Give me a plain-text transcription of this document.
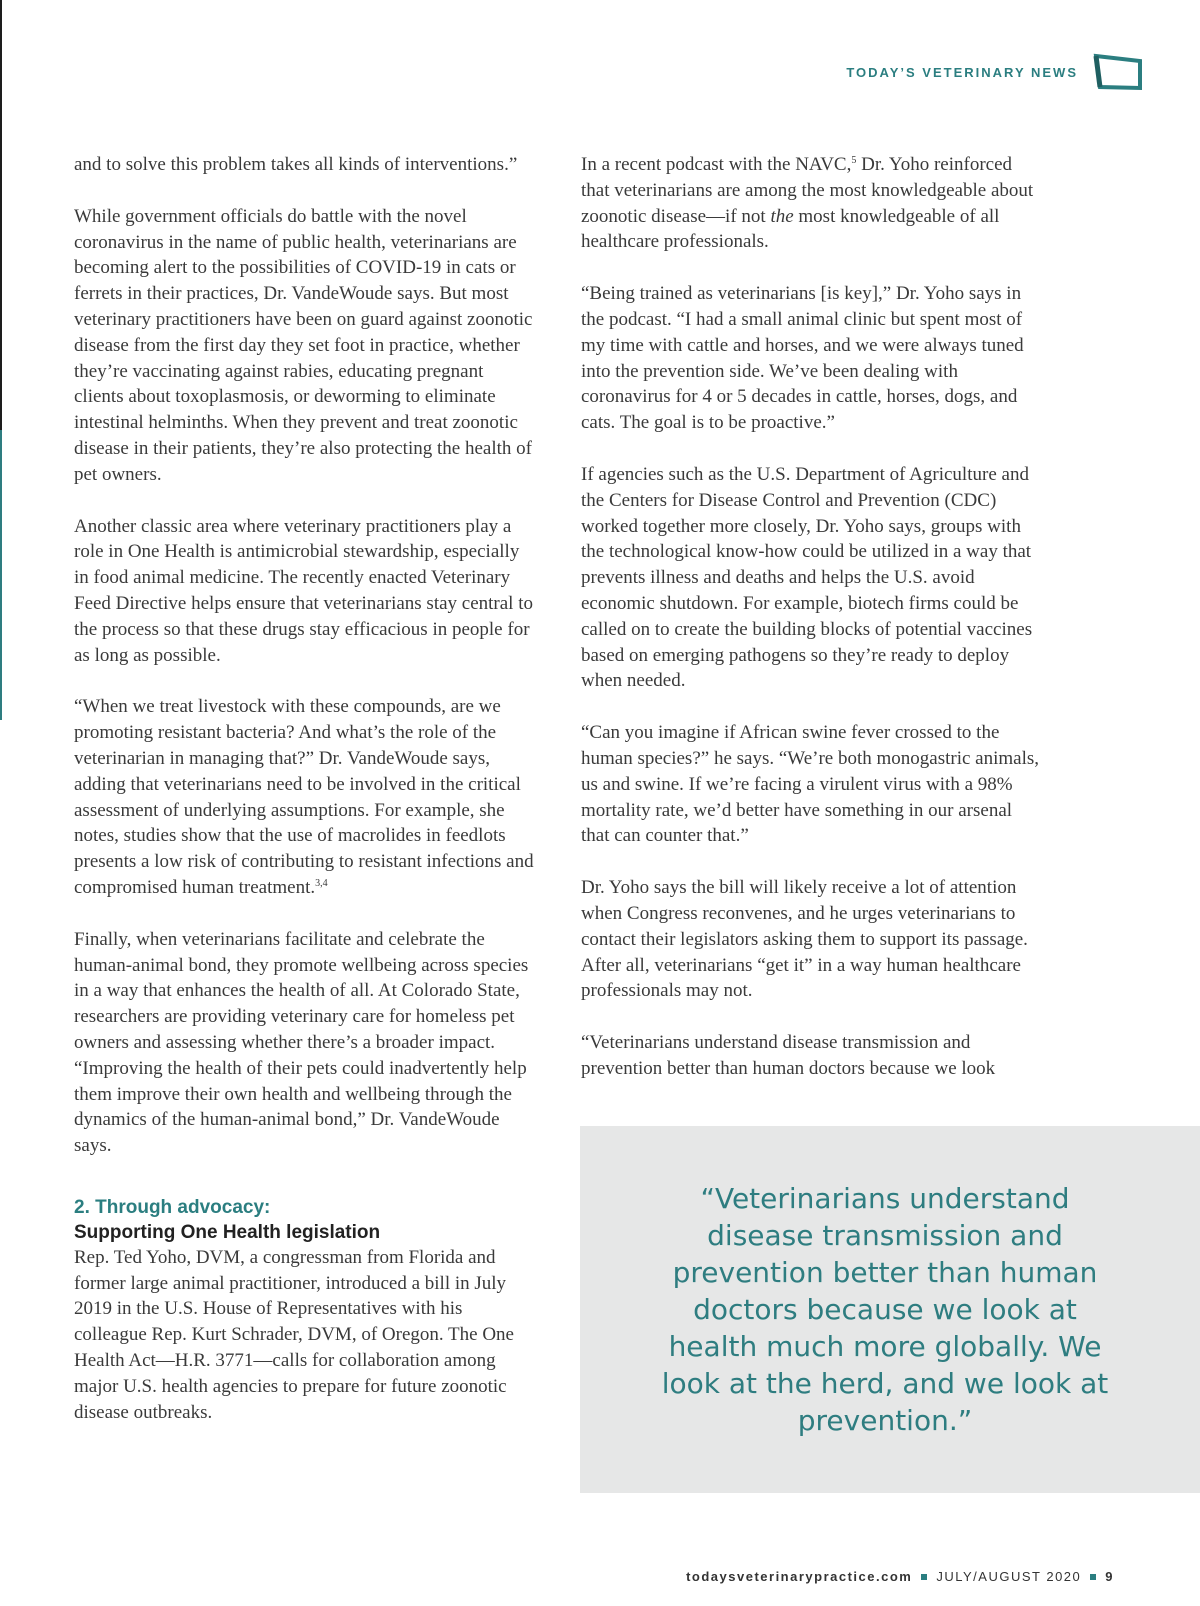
TODAY’S VETERINARY NEWS

and to solve this problem takes all kinds of interventions.”

While government officials do battle with the novel coronavirus in the name of public health, veterinarians are becoming alert to the possibilities of COVID-19 in cats or ferrets in their practices, Dr. VandeWoude says. But most veterinary practitioners have been on guard against zoonotic disease from the first day they set foot in practice, whether they’re vaccinating against rabies, educating pregnant clients about toxoplasmosis, or deworming to eliminate intestinal helminths. When they prevent and treat zoonotic disease in their patients, they’re also protecting the health of pet owners.

Another classic area where veterinary practitioners play a role in One Health is antimicrobial stewardship, especially in food animal medicine. The recently enacted Veterinary Feed Directive helps ensure that veterinarians stay central to the process so that these drugs stay efficacious in people for as long as possible.

“When we treat livestock with these compounds, are we promoting resistant bacteria? And what’s the role of the veterinarian in managing that?” Dr. VandeWoude says, adding that veterinarians need to be involved in the critical assessment of underlying assumptions. For example, she notes, studies show that the use of macrolides in feedlots presents a low risk of contributing to resistant infections and compromised human treatment.$^{3,4}$

Finally, when veterinarians facilitate and celebrate the human-animal bond, they promote wellbeing across species in a way that enhances the health of all. At Colorado State, researchers are providing veterinary care for homeless pet owners and assessing whether there’s a broader impact. “Improving the health of their pets could inadvertently help them improve their own health and wellbeing through the dynamics of the human-animal bond,” Dr. VandeWoude says.

2. Through advocacy:
Supporting One Health legislation

Rep. Ted Yoho, DVM, a congressman from Florida and former large animal practitioner, introduced a bill in July 2019 in the U.S. House of Representatives with his colleague Rep. Kurt Schrader, DVM, of Oregon. The One Health Act—H.R. 3771—calls for collaboration among major U.S. health agencies to prepare for future zoonotic disease outbreaks.

In a recent podcast with the NAVC,$^5$ Dr. Yoho reinforced that veterinarians are among the most knowledgeable about zoonotic disease—if not the most knowledgeable of all healthcare professionals.

“Being trained as veterinarians [is key],” Dr. Yoho says in the podcast. “I had a small animal clinic but spent most of my time with cattle and horses, and we were always tuned into the prevention side. We’ve been dealing with coronavirus for 4 or 5 decades in cattle, horses, dogs, and cats. The goal is to be proactive.”

If agencies such as the U.S. Department of Agriculture and the Centers for Disease Control and Prevention (CDC) worked together more closely, Dr. Yoho says, groups with the technological know-how could be utilized in a way that prevents illness and deaths and helps the U.S. avoid economic shutdown. For example, biotech firms could be called on to create the building blocks of potential vaccines based on emerging pathogens so they’re ready to deploy when needed.

“Can you imagine if African swine fever crossed to the human species?” he says. “We’re both monogastric animals, us and swine. If we’re facing a virulent virus with a 98% mortality rate, we’d better have something in our arsenal that can counter that.”

Dr. Yoho says the bill will likely receive a lot of attention when Congress reconvenes, and he urges veterinarians to contact their legislators asking them to support its passage. After all, veterinarians “get it” in a way human healthcare professionals may not.

“Veterinarians understand disease transmission and prevention better than human doctors because we look

“Veterinarians understand disease transmission and prevention better than human doctors because we look at health much more globally. We look at the herd, and we look at prevention.”
todaysveterinarypractice.com JULY/AUGUST 2020 9
